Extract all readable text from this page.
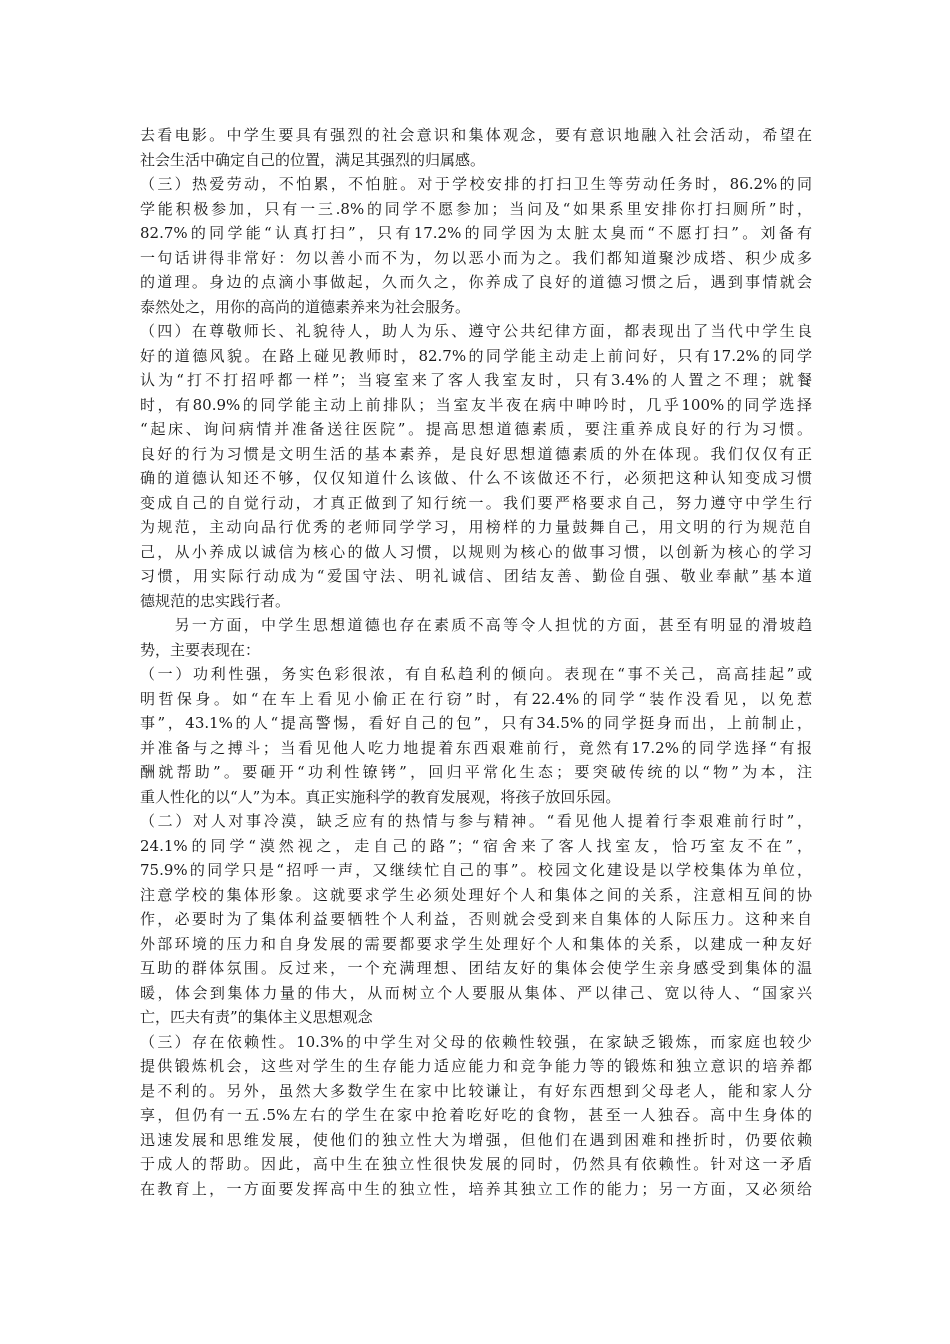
去看电影。中学生要具有强烈的社会意识和集体观念，要有意识地融入社会活动，希望在
社会生活中确定自己的位置，满足其强烈的归属感。
（三）热爱劳动，不怕累，不怕脏。对于学校安排的打扫卫生等劳动任务时，86.2%的同
学能积极参加，只有一三.8%的同学不愿参加；当问及“如果系里安排你打扫厕所”时，
82.7%的同学能“认真打扫”，只有17.2%的同学因为太脏太臭而“不愿打扫”。刘备有
一句话讲得非常好：勿以善小而不为，勿以恶小而为之。我们都知道聚沙成塔、积少成多
的道理。身边的点滴小事做起，久而久之，你养成了良好的道德习惯之后，遇到事情就会
泰然处之，用你的高尚的道德素养来为社会服务。
（四）在尊敬师长、礼貌待人，助人为乐、遵守公共纪律方面，都表现出了当代中学生良
好的道德风貌。在路上碰见教师时，82.7%的同学能主动走上前问好，只有17.2%的同学
认为“打不打招呼都一样”；当寝室来了客人我室友时，只有3.4%的人置之不理；就餐
时，有80.9%的同学能主动上前排队；当室友半夜在病中呻吟时，几乎100%的同学选择
“起床、询问病情并准备送往医院”。提高思想道德素质，要注重养成良好的行为习惯。
良好的行为习惯是文明生活的基本素养，是良好思想道德素质的外在体现。我们仅仅有正
确的道德认知还不够，仅仅知道什么该做、什么不该做还不行，必须把这种认知变成习惯
变成自己的自觉行动，才真正做到了知行统一。我们要严格要求自己，努力遵守中学生行
为规范，主动向品行优秀的老师同学学习，用榜样的力量鼓舞自己，用文明的行为规范自
己，从小养成以诚信为核心的做人习惯，以规则为核心的做事习惯，以创新为核心的学习
习惯，用实际行动成为“爱国守法、明礼诚信、团结友善、勤俭自强、敬业奉献”基本道
德规范的忠实践行者。
　　另一方面，中学生思想道德也存在素质不高等令人担忧的方面，甚至有明显的滑坡趋
势，主要表现在：
（一）功利性强，务实色彩很浓，有自私趋利的倾向。表现在“事不关己，高高挂起”或
明哲保身。如“在车上看见小偷正在行窃”时，有22.4%的同学“装作没看见，以免惹
事”，43.1%的人“提高警惕，看好自己的包”，只有34.5%的同学挺身而出，上前制止，
并准备与之搏斗；当看见他人吃力地提着东西艰难前行，竟然有17.2%的同学选择“有报
酬就帮助”。要砸开“功利性镣铐”，回归平常化生态；要突破传统的以“物”为本，注
重人性化的以“人”为本。真正实施科学的教育发展观，将孩子放回乐园。
（二）对人对事冷漠，缺乏应有的热情与参与精神。“看见他人提着行李艰难前行时”，
24.1%的同学“漠然视之，走自己的路”；“宿舍来了客人找室友，恰巧室友不在”，
75.9%的同学只是“招呼一声，又继续忙自己的事”。校园文化建设是以学校集体为单位，
注意学校的集体形象。这就要求学生必须处理好个人和集体之间的关系，注意相互间的协
作，必要时为了集体利益要牺牲个人利益，否则就会受到来自集体的人际压力。这种来自
外部环境的压力和自身发展的需要都要求学生处理好个人和集体的关系，以建成一种友好
互助的群体氛围。反过来，一个充满理想、团结友好的集体会使学生亲身感受到集体的温
暖，体会到集体力量的伟大，从而树立个人要服从集体、严以律己、宽以待人、“国家兴
亡，匹夫有责”的集体主义思想观念
（三）存在依赖性。10.3%的中学生对父母的依赖性较强，在家缺乏锻炼，而家庭也较少
提供锻炼机会，这些对学生的生存能力适应能力和竞争能力等的锻炼和独立意识的培养都
是不利的。另外，虽然大多数学生在家中比较谦让，有好东西想到父母老人，能和家人分
享，但仍有一五.5%左右的学生在家中抢着吃好吃的食物，甚至一人独吞。高中生身体的
迅速发展和思维发展，使他们的独立性大为增强，但他们在遇到困难和挫折时，仍要依赖
于成人的帮助。因此，高中生在独立性很快发展的同时，仍然具有依赖性。针对这一矛盾
在教育上，一方面要发挥高中生的独立性，培养其独立工作的能力；另一方面，又必须给
